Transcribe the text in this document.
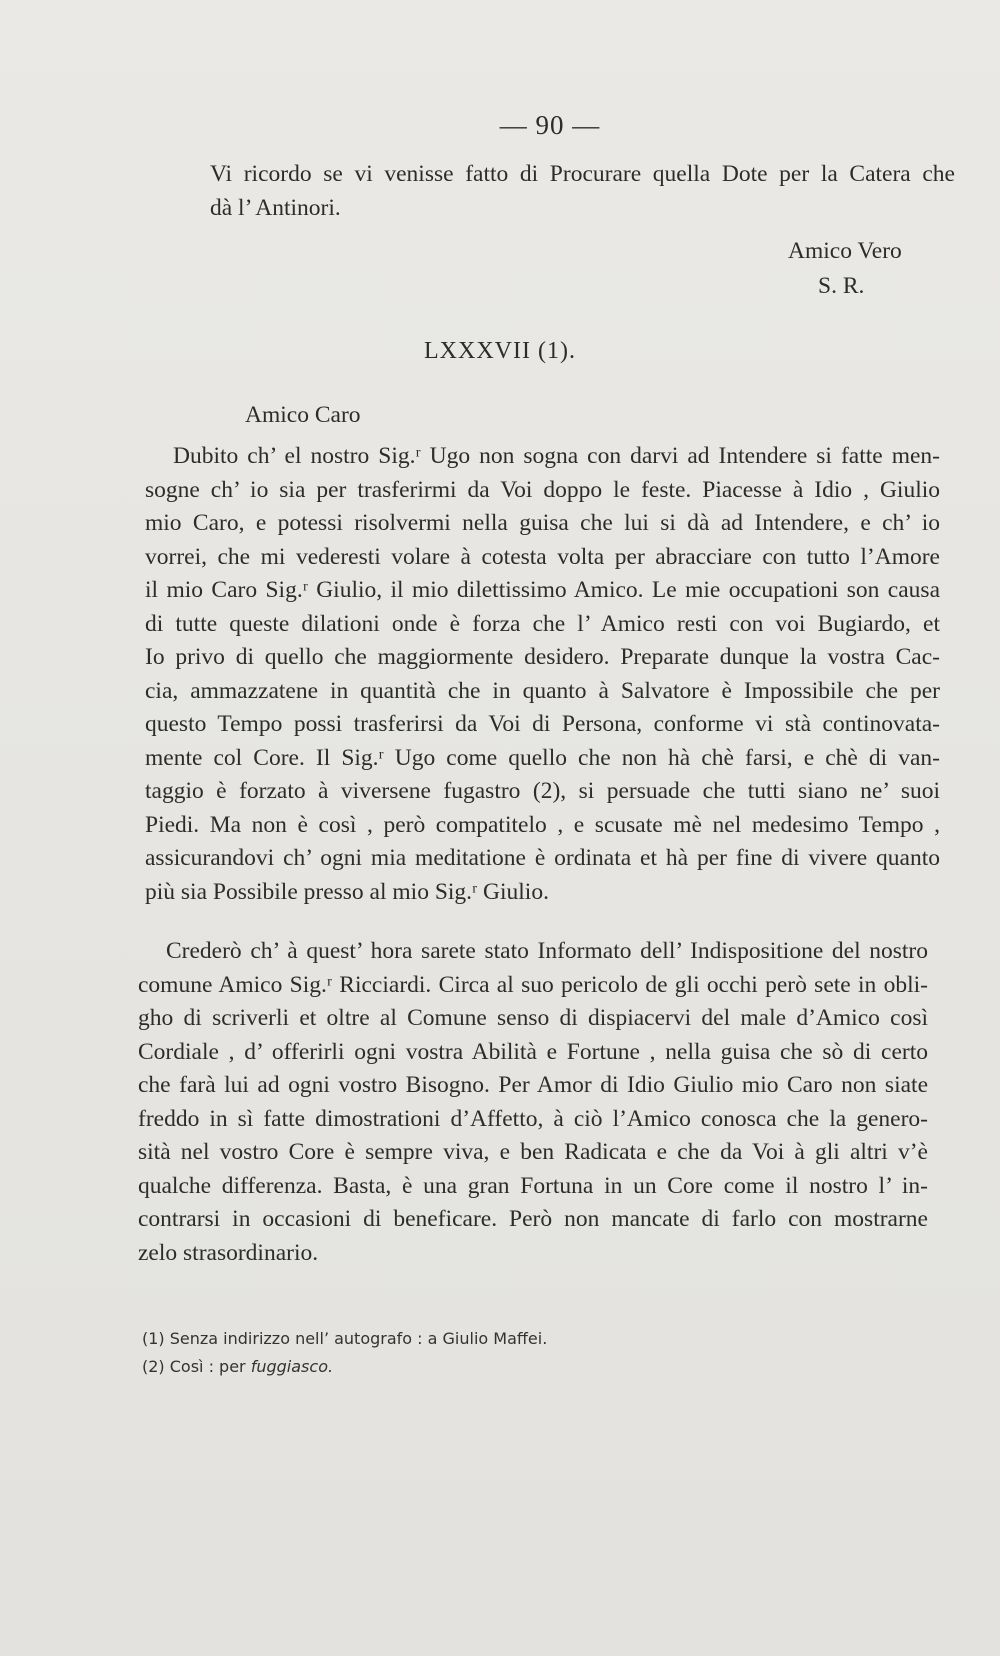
— 90 —
Vi ricordo se vi venisse fatto di Procurare quella Dote per la Catera che
dà l’ Antinori.
Amico Vero
S. R.
LXXXVII (1).
Amico Caro
Dubito ch’ el nostro Sig.ʳ Ugo non sogna con darvi ad Intendere si fatte men-
sogne ch’ io sia per trasferirmi da Voi doppo le feste. Piacesse à Idio , Giulio
mio Caro, e potessi risolvermi nella guisa che lui si dà ad Intendere, e ch’ io
vorrei, che mi vederesti volare à cotesta volta per abracciare con tutto l’Amore
il mio Caro Sig.ʳ Giulio, il mio dilettissimo Amico. Le mie occupationi son causa
di tutte queste dilationi onde è forza che l’ Amico resti con voi Bugiardo, et
Io privo di quello che maggiormente desidero. Preparate dunque la vostra Cac-
cia, ammazzatene in quantità che in quanto à Salvatore è Impossibile che per
questo Tempo possi trasferirsi da Voi di Persona, conforme vi stà continovata-
mente col Core. Il Sig.ʳ Ugo come quello che non hà chè farsi, e chè di van-
taggio è forzato à viversene fugastro (2), si persuade che tutti siano ne’ suoi
Piedi. Ma non è così , però compatitelo , e scusate mè nel medesimo Tempo ,
assicurandovi ch’ ogni mia meditatione è ordinata et hà per fine di vivere quanto
più sia Possibile presso al mio Sig.ʳ Giulio.
Crederò ch’ à quest’ hora sarete stato Informato dell’ Indispositione del nostro
comune Amico Sig.ʳ Ricciardi. Circa al suo pericolo de gli occhi però sete in obli-
gho di scriverli et oltre al Comune senso di dispiacervi del male d’Amico così
Cordiale , d’ offerirli ogni vostra Abilità e Fortune , nella guisa che sò di certo
che farà lui ad ogni vostro Bisogno. Per Amor di Idio Giulio mio Caro non siate
freddo in sì fatte dimostrationi d’Affetto, à ciò l’Amico conosca che la genero-
sità nel vostro Core è sempre viva, e ben Radicata e che da Voi à gli altri v’è
qualche differenza. Basta, è una gran Fortuna in un Core come il nostro l’ in-
contrarsi in occasioni di beneficare. Però non mancate di farlo con mostrarne
zelo strasordinario.
(1) Senza indirizzo nell’ autografo : a Giulio Maffei.
(2) Così : per fuggiasco.
